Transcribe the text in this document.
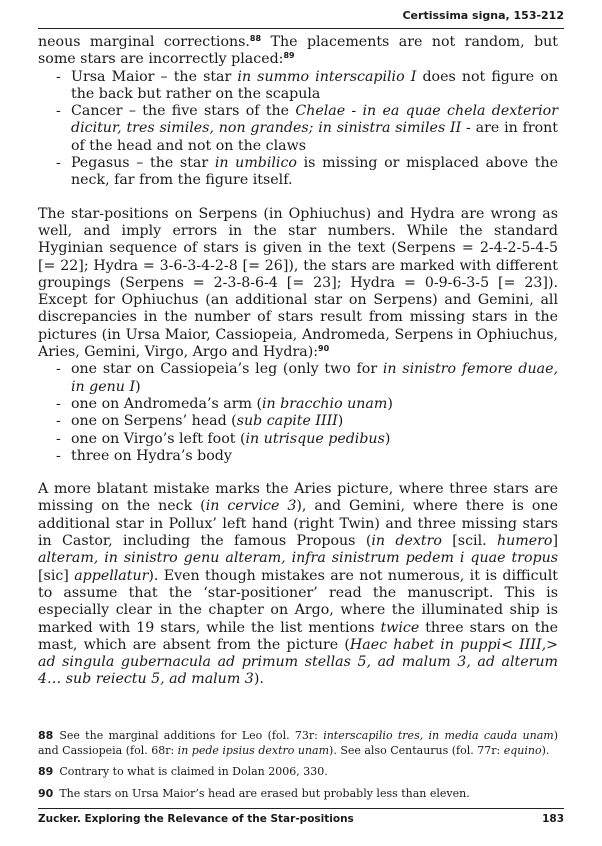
Certissima signa, 153-212

neous marginal corrections.$^{88}$ The placements are not random, but some stars are incorrectly placed:$^{89}$

- Ursa Maior – the star in summo interscapilio I does not figure on the back but rather on the scapula
- Cancer – the five stars of the Chelae - in ea quae chela dexterior dicitur, tres similes, non grandes; in sinistra similes II - are in front of the head and not on the claws
- Pegasus – the star in umbilico is missing or misplaced above the neck, far from the figure itself.

The star-positions on Serpens (in Ophiuchus) and Hydra are wrong as well, and imply errors in the star numbers. While the standard Hyginian sequence of stars is given in the text (Serpens = 2-4-2-5-4-5 [= 22]; Hydra = 3-6-3-4-2-8 [= 26]), the stars are marked with different groupings (Serpens = 2-3-8-6-4 [= 23]; Hydra = 0-9-6-3-5 [= 23]). Except for Ophiuchus (an additional star on Serpens) and Gemini, all discrepancies in the number of stars result from missing stars in the pictures (in Ursa Maior, Cassiopeia, Andromeda, Serpens in Ophiuchus, Aries, Gemini, Virgo, Argo and Hydra):$^{90}$

- one star on Cassiopeia’s leg (only two for in sinistro femore duae, in genu I)
- one on Andromeda’s arm (in bracchio unam)
- one on Serpens’ head (sub capite IIII)
- one on Virgo’s left foot (in utrisque pedibus)
- three on Hydra’s body

A more blatant mistake marks the Aries picture, where three stars are missing on the neck (in cervice 3), and Gemini, where there is one additional star in Pollux’ left hand (right Twin) and three missing stars in Castor, including the famous Propous (in dextro [scil. humero] alteram, in sinistro genu alteram, infra sinistrum pedem i quae tropus [sic] appellatur). Even though mistakes are not numerous, it is difficult to assume that the ‘star-positioner’ read the manuscript. This is especially clear in the chapter on Argo, where the illuminated ship is marked with 19 stars, while the list mentions twice three stars on the mast, which are absent from the picture (Haec habet in puppi< IIII,> ad singula gubernacula ad primum stellas 5, ad malum 3, ad alterum 4… sub reiectu 5, ad malum 3).

88 See the marginal additions for Leo (fol. 73r: interscapilio tres, in media cauda unam) and Cassiopeia (fol. 68r: in pede ipsius dextro unam). See also Centaurus (fol. 77r: equino).

89 Contrary to what is claimed in Dolan 2006, 330.

90 The stars on Ursa Maior’s head are erased but probably less than eleven.

Zucker. Exploring the Relevance of the Star-positions	183
